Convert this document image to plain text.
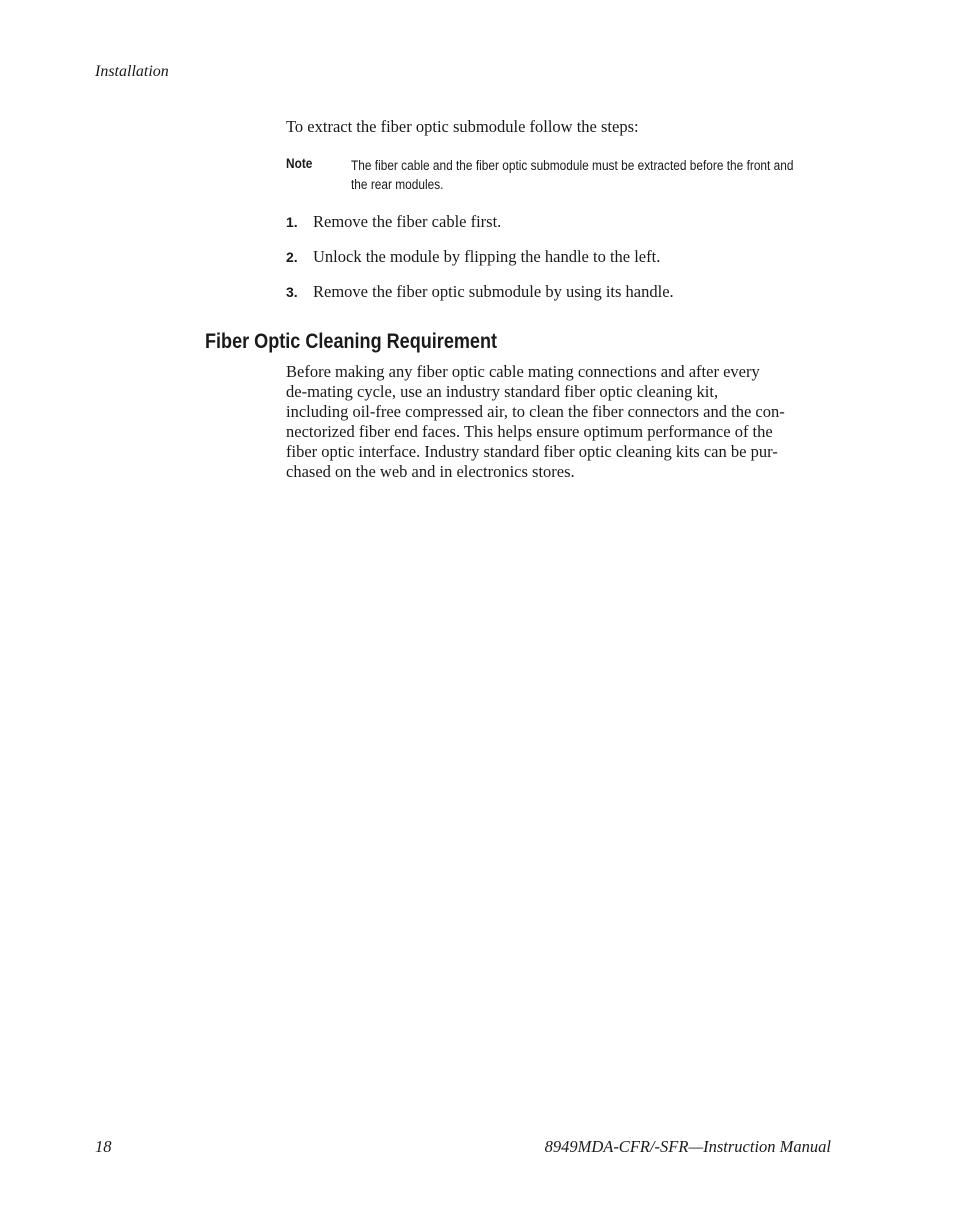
Installation
To extract the fiber optic submodule follow the steps:
Note	The fiber cable and the fiber optic submodule must be extracted before the front and the rear modules.
1. Remove the fiber cable first.
2. Unlock the module by flipping the handle to the left.
3. Remove the fiber optic submodule by using its handle.
Fiber Optic Cleaning Requirement

Before making any fiber optic cable mating connections and after every
de-mating cycle, use an industry standard fiber optic cleaning kit,
including oil-free compressed air, to clean the fiber connectors and the con-
nectorized fiber end faces. This helps ensure optimum performance of the
fiber optic interface. Industry standard fiber optic cleaning kits can be pur-
chased on the web and in electronics stores.

18	8949MDA-CFR/-SFR—Instruction Manual
